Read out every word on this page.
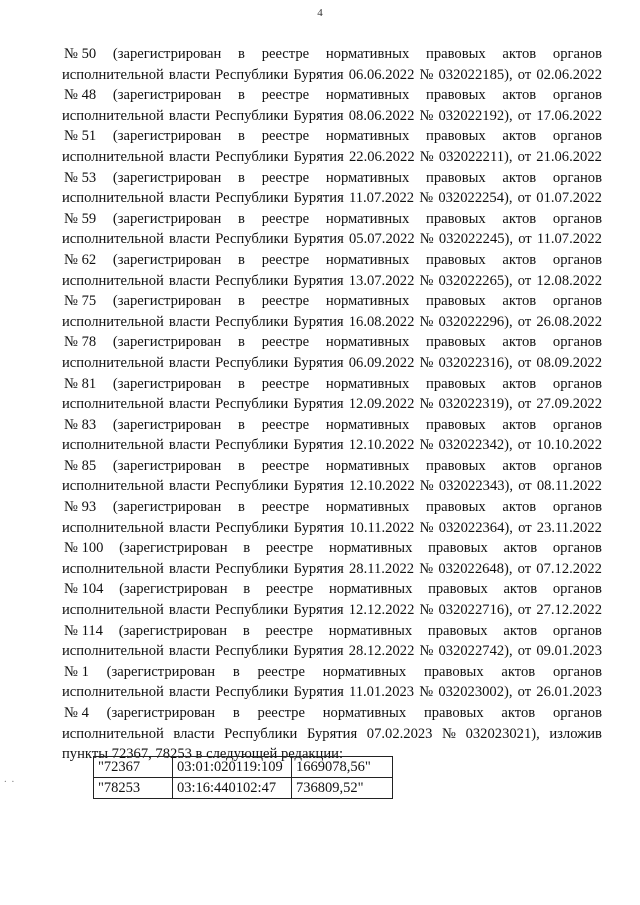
4
. .
№ 50 (зарегистрирован в реестре нормативных правовых актов органов
исполнительной власти Республики Бурятия 06.06.2022 № 032022185), от 02.06.2022
№ 48 (зарегистрирован в реестре нормативных правовых актов органов
исполнительной власти Республики Бурятия 08.06.2022 № 032022192), от 17.06.2022
№ 51 (зарегистрирован в реестре нормативных правовых актов органов
исполнительной власти Республики Бурятия 22.06.2022 № 032022211), от 21.06.2022
№ 53 (зарегистрирован в реестре нормативных правовых актов органов
исполнительной власти Республики Бурятия 11.07.2022 № 032022254), от 01.07.2022
№ 59 (зарегистрирован в реестре нормативных правовых актов органов
исполнительной власти Республики Бурятия 05.07.2022 № 032022245), от 11.07.2022
№ 62 (зарегистрирован в реестре нормативных правовых актов органов
исполнительной власти Республики Бурятия 13.07.2022 № 032022265), от 12.08.2022
№ 75 (зарегистрирован в реестре нормативных правовых актов органов
исполнительной власти Республики Бурятия 16.08.2022 № 032022296), от 26.08.2022
№ 78 (зарегистрирован в реестре нормативных правовых актов органов
исполнительной власти Республики Бурятия 06.09.2022 № 032022316), от 08.09.2022
№ 81 (зарегистрирован в реестре нормативных правовых актов органов
исполнительной власти Республики Бурятия 12.09.2022 № 032022319), от 27.09.2022
№ 83 (зарегистрирован в реестре нормативных правовых актов органов
исполнительной власти Республики Бурятия 12.10.2022 № 032022342), от 10.10.2022
№ 85 (зарегистрирован в реестре нормативных правовых актов органов
исполнительной власти Республики Бурятия 12.10.2022 № 032022343), от 08.11.2022
№ 93 (зарегистрирован в реестре нормативных правовых актов органов
исполнительной власти Республики Бурятия 10.11.2022 № 032022364), от 23.11.2022
№ 100 (зарегистрирован в реестре нормативных правовых актов органов
исполнительной власти Республики Бурятия 28.11.2022 № 032022648), от 07.12.2022
№ 104 (зарегистрирован в реестре нормативных правовых актов органов
исполнительной власти Республики Бурятия 12.12.2022 № 032022716), от 27.12.2022
№ 114 (зарегистрирован в реестре нормативных правовых актов органов
исполнительной власти Республики Бурятия 28.12.2022 № 032022742), от 09.01.2023
№ 1 (зарегистрирован в реестре нормативных правовых актов органов
исполнительной власти Республики Бурятия 11.01.2023 № 032023002), от 26.01.2023
№ 4 (зарегистрирован в реестре нормативных правовых актов органов
исполнительной власти Республики Бурятия 07.02.2023 № 032023021), изложив
пункты 72367, 78253 в следующей редакции:
"72367	03:01:020119:109	1669078,56"
"78253	03:16:440102:47	736809,52"
